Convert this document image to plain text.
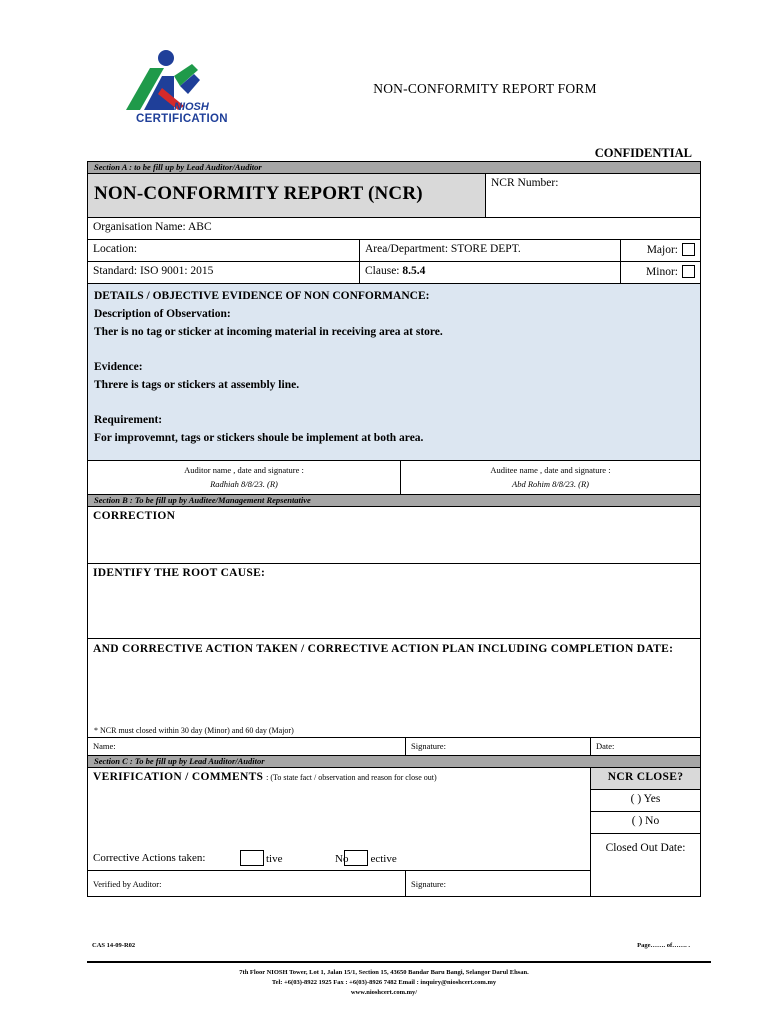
NIOSH
CERTIFICATION
NON-CONFORMITY REPORT FORM
CONFIDENTIAL
Section A : to be fill up by Lead Auditor/Auditor
NON-CONFORMITY REPORT (NCR)	NCR Number:
Organisation Name: ABC
Location:	Area/Department: STORE DEPT.	Major:
Standard: ISO 9001: 2015	Clause: 8.5.4	Minor:

DETAILS / OBJECTIVE EVIDENCE OF NON CONFORMANCE:

Description of Observation:

Ther is no tag or sticker at incoming material in receiving area at store.

Evidence:

Threre is tags or stickers at assembly line.

Requirement:

For improvemnt, tags or stickers shoule be implement at both area.

Auditor name , date and signature :
Radhiah 8/8/23. (R)
Auditee name , date and signature :
Abd Rohim 8/8/23. (R)
Section B : To be fill up by Auditee/Management Repsentative
CORRECTION
IDENTIFY THE ROOT CAUSE:
AND CORRECTIVE ACTION TAKEN / CORRECTIVE ACTION PLAN INCLUDING COMPLETION DATE:
* NCR must closed within 30 day (Minor) and 60 day (Major)
Name:	Signature:	Date:
Section C : To be fill up by Lead Auditor/Auditor
VERIFICATION / COMMENTS : (To state fact / observation and reason for close out)
Corrective Actions taken:	tive	No ective
NCR CLOSE?
( ) Yes
( ) No
Closed Out Date:
Verified by Auditor:	Signature:
CAS 14-09-R02	Page……. of……. .
7th Floor NIOSH Tower, Lot 1, Jalan 15/1, Section 15, 43650 Bandar Baru Bangi, Selangor Darul Ehsan.
Tel: +6(03)-8922 1925 Fax : +6(03)-8926 7482 Email : inquiry@nioshcert.com.my
www.nioshcert.com.my/
